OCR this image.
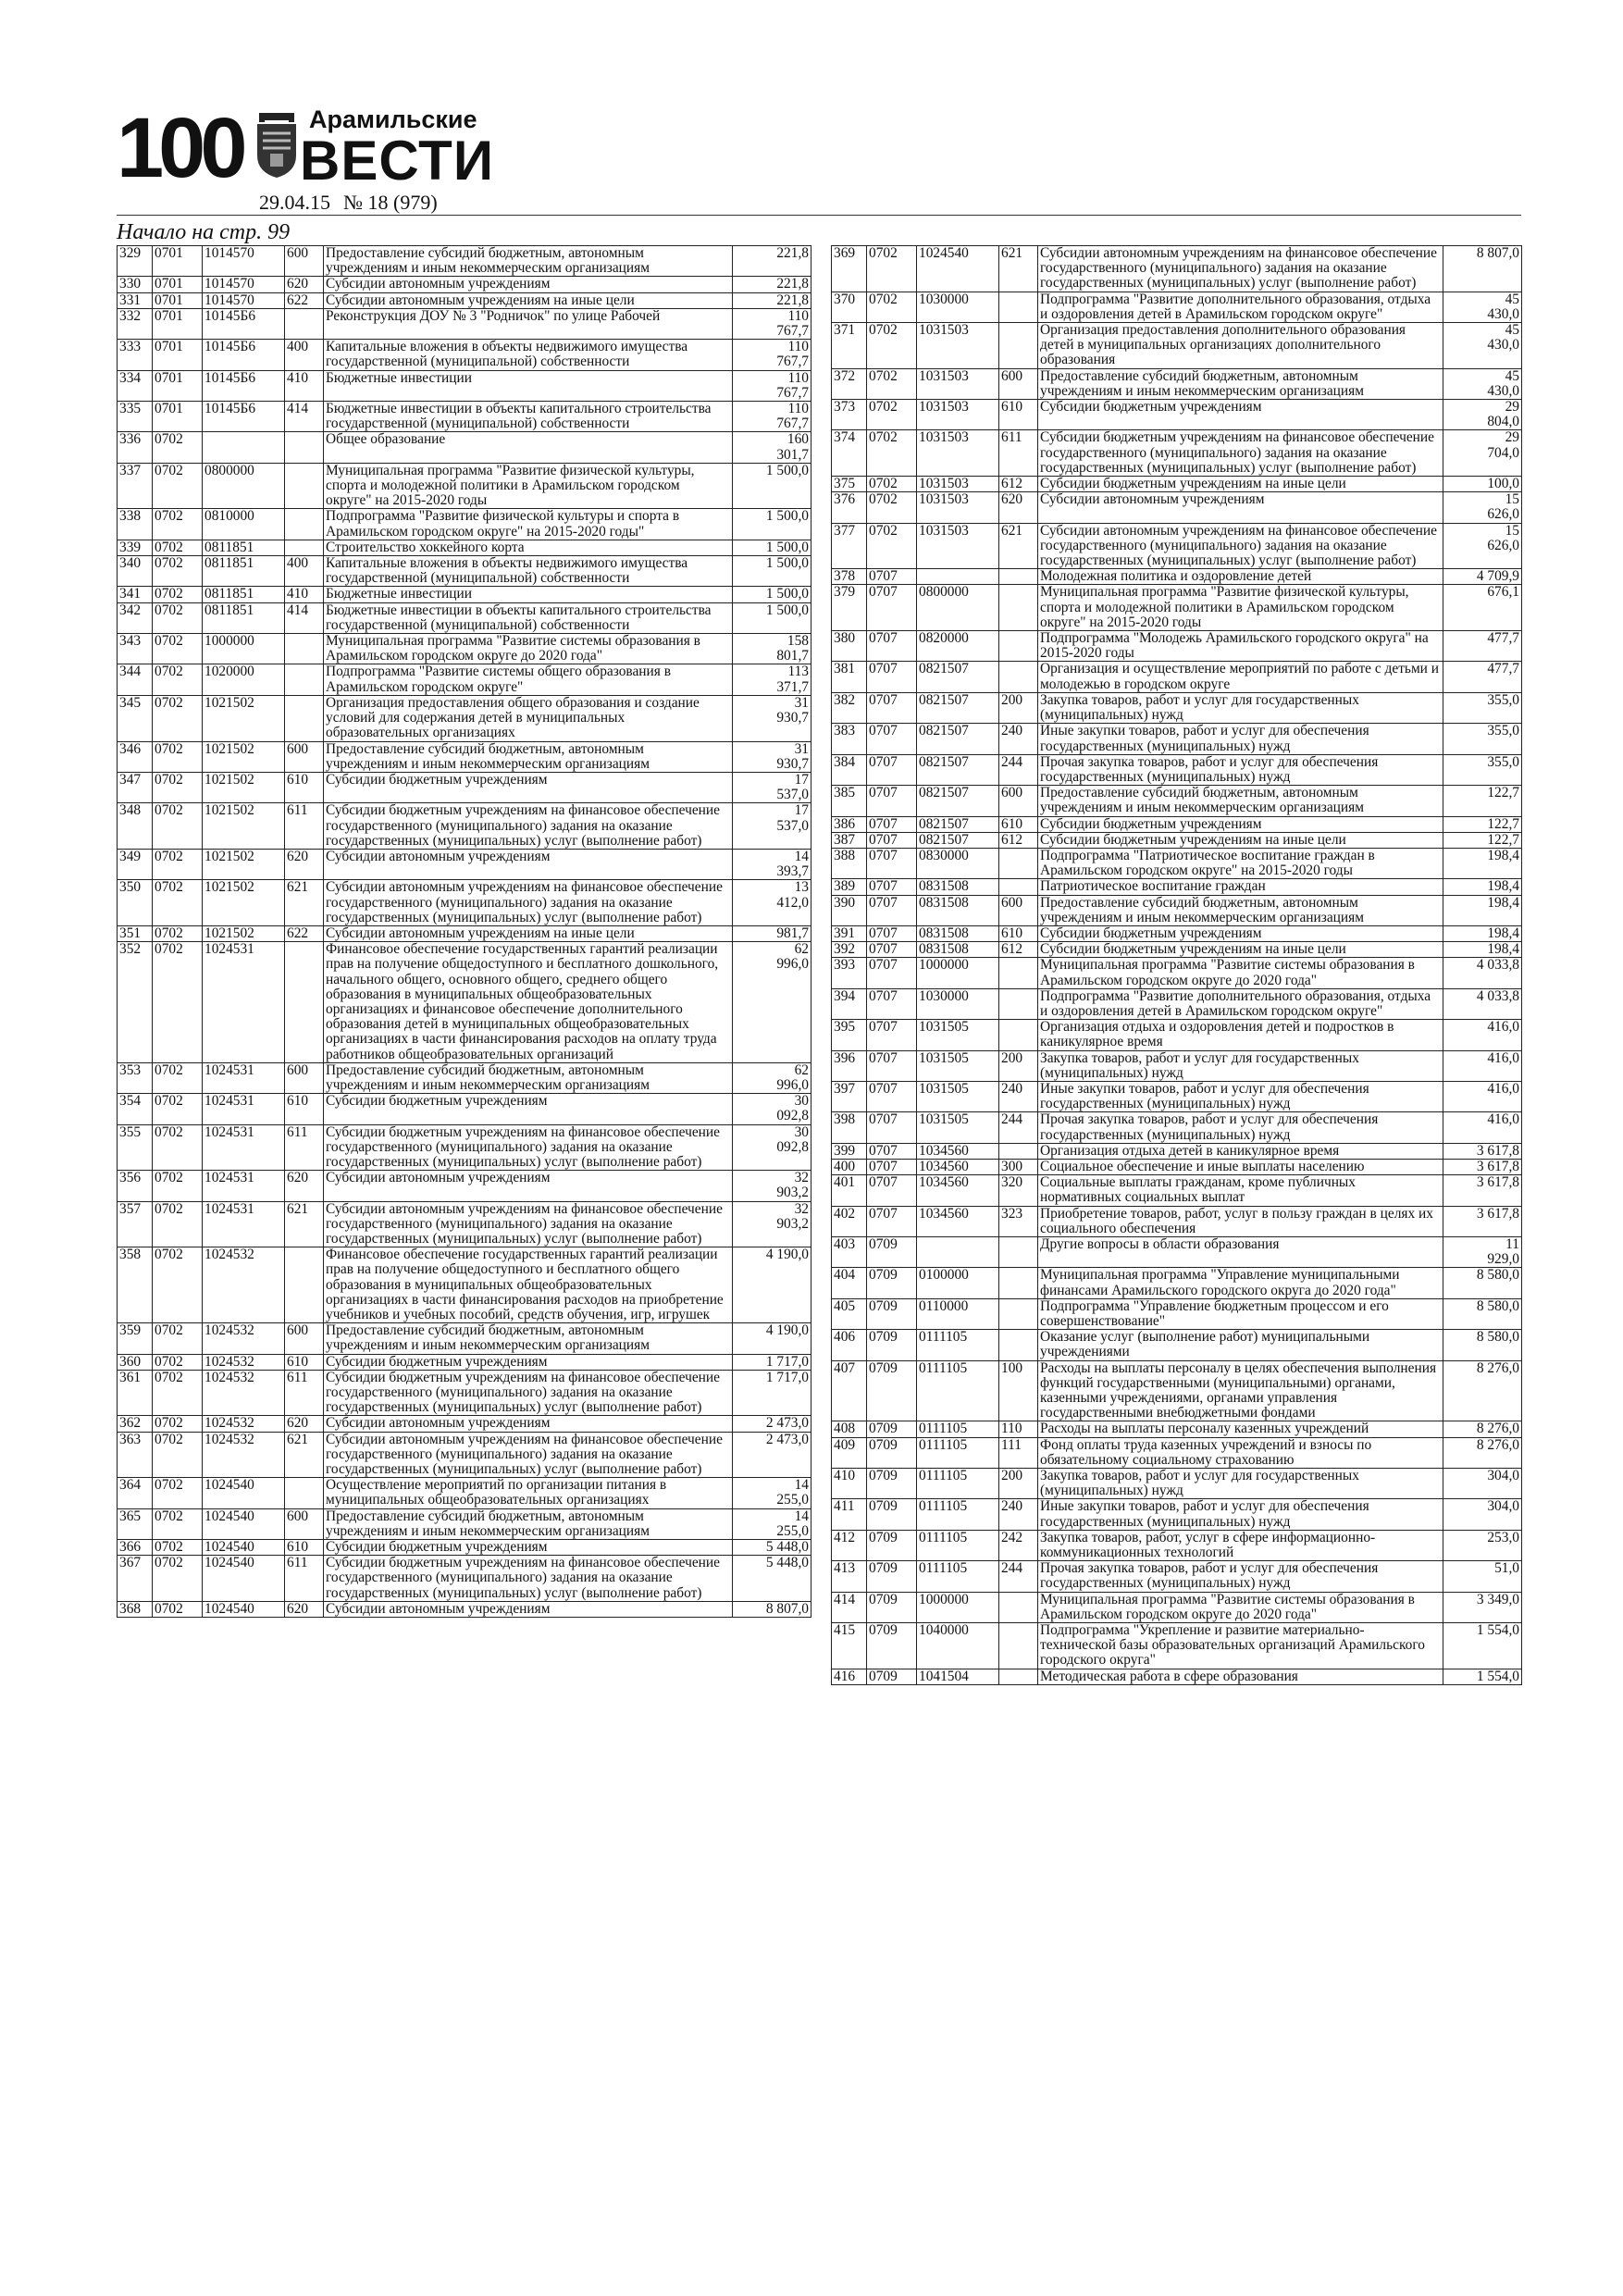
100	Арамильские
ВЕСТИ
29.04.15 № 18 (979)
Начало на стр. 99
329	0701	1014570	600	Предоставление субсидий бюджетным, автономным учреждениям и иным некоммерческим организациям	221,8
330	0701	1014570	620	Субсидии автономным учреждениям	221,8
331	0701	1014570	622	Субсидии автономным учреждениям на иные цели	221,8
332	0701	10145Б6		Реконструкция ДОУ № 3 "Родничок" по улице Рабочей	110
767,7
333	0701	10145Б6	400	Капитальные вложения в объекты недвижимого имущества государственной (муниципальной) собственности	110
767,7
334	0701	10145Б6	410	Бюджетные инвестиции	110
767,7
335	0701	10145Б6	414	Бюджетные инвестиции в объекты капитального строительства государственной (муниципальной) собственности	110
767,7
336	0702			Общее образование	160
301,7
337	0702	0800000		Муниципальная программа "Развитие физической культуры, спорта и молодежной политики в Арамильском городском округе" на 2015-2020 годы	1 500,0
338	0702	0810000		Подпрограмма "Развитие физической культуры и спорта в Арамильском городском округе" на 2015-2020 годы"	1 500,0
339	0702	0811851		Строительство хоккейного корта	1 500,0
340	0702	0811851	400	Капитальные вложения в объекты недвижимого имущества государственной (муниципальной) собственности	1 500,0
341	0702	0811851	410	Бюджетные инвестиции	1 500,0
342	0702	0811851	414	Бюджетные инвестиции в объекты капитального строительства государственной (муниципальной) собственности	1 500,0
343	0702	1000000		Муниципальная программа "Развитие системы образования в Арамильском городском округе до 2020 года"	158
801,7
344	0702	1020000		Подпрограмма "Развитие системы общего образования в Арамильском городском округе"	113
371,7
345	0702	1021502		Организация предоставления общего образования и создание условий для содержания детей в муниципальных образовательных организациях	31
930,7
346	0702	1021502	600	Предоставление субсидий бюджетным, автономным учреждениям и иным некоммерческим организациям	31
930,7
347	0702	1021502	610	Субсидии бюджетным учреждениям	17
537,0
348	0702	1021502	611	Субсидии бюджетным учреждениям на финансовое обеспечение государственного (муниципального) задания на оказание государственных (муниципальных) услуг (выполнение работ)	17
537,0
349	0702	1021502	620	Субсидии автономным учреждениям	14
393,7
350	0702	1021502	621	Субсидии автономным учреждениям на финансовое обеспечение государственного (муниципального) задания на оказание государственных (муниципальных) услуг (выполнение работ)	13
412,0
351	0702	1021502	622	Субсидии автономным учреждениям на иные цели	981,7
352	0702	1024531		Финансовое обеспечение государственных гарантий реализации прав на получение общедоступного и бесплатного дошкольного, начального общего, основного общего, среднего общего образования в муниципальных общеобразовательных организациях и финансовое обеспечение дополнительного образования детей в муниципальных общеобразовательных организациях в части финансирования расходов на оплату труда работников общеобразовательных организаций	62
996,0
353	0702	1024531	600	Предоставление субсидий бюджетным, автономным учреждениям и иным некоммерческим организациям	62
996,0
354	0702	1024531	610	Субсидии бюджетным учреждениям	30
092,8
355	0702	1024531	611	Субсидии бюджетным учреждениям на финансовое обеспечение государственного (муниципального) задания на оказание государственных (муниципальных) услуг (выполнение работ)	30
092,8
356	0702	1024531	620	Субсидии автономным учреждениям	32
903,2
357	0702	1024531	621	Субсидии автономным учреждениям на финансовое обеспечение государственного (муниципального) задания на оказание государственных (муниципальных) услуг (выполнение работ)	32
903,2
358	0702	1024532		Финансовое обеспечение государственных гарантий реализации прав на получение общедоступного и бесплатного общего образования в муниципальных общеобразовательных организациях в части финансирования расходов на приобретение учебников и учебных пособий, средств обучения, игр, игрушек	4 190,0
359	0702	1024532	600	Предоставление субсидий бюджетным, автономным учреждениям и иным некоммерческим организациям	4 190,0
360	0702	1024532	610	Субсидии бюджетным учреждениям	1 717,0
361	0702	1024532	611	Субсидии бюджетным учреждениям на финансовое обеспечение государственного (муниципального) задания на оказание государственных (муниципальных) услуг (выполнение работ)	1 717,0
362	0702	1024532	620	Субсидии автономным учреждениям	2 473,0
363	0702	1024532	621	Субсидии автономным учреждениям на финансовое обеспечение государственного (муниципального) задания на оказание государственных (муниципальных) услуг (выполнение работ)	2 473,0
364	0702	1024540		Осуществление мероприятий по организации питания в муниципальных общеобразовательных организациях	14
255,0
365	0702	1024540	600	Предоставление субсидий бюджетным, автономным учреждениям и иным некоммерческим организациям	14
255,0
366	0702	1024540	610	Субсидии бюджетным учреждениям	5 448,0
367	0702	1024540	611	Субсидии бюджетным учреждениям на финансовое обеспечение государственного (муниципального) задания на оказание государственных (муниципальных) услуг (выполнение работ)	5 448,0
368	0702	1024540	620	Субсидии автономным учреждениям	8 807,0
369	0702	1024540	621	Субсидии автономным учреждениям на финансовое обеспечение государственного (муниципального) задания на оказание государственных (муниципальных) услуг (выполнение работ)	8 807,0
370	0702	1030000		Подпрограмма "Развитие дополнительного образования, отдыха и оздоровления детей в Арамильском городском округе"	45
430,0
371	0702	1031503		Организация предоставления дополнительного образования детей в муниципальных организациях дополнительного образования	45
430,0
372	0702	1031503	600	Предоставление субсидий бюджетным, автономным учреждениям и иным некоммерческим организациям	45
430,0
373	0702	1031503	610	Субсидии бюджетным учреждениям	29
804,0
374	0702	1031503	611	Субсидии бюджетным учреждениям на финансовое обеспечение государственного (муниципального) задания на оказание государственных (муниципальных) услуг (выполнение работ)	29
704,0
375	0702	1031503	612	Субсидии бюджетным учреждениям на иные цели	100,0
376	0702	1031503	620	Субсидии автономным учреждениям	15
626,0
377	0702	1031503	621	Субсидии автономным учреждениям на финансовое обеспечение государственного (муниципального) задания на оказание государственных (муниципальных) услуг (выполнение работ)	15
626,0
378	0707			Молодежная политика и оздоровление детей	4 709,9
379	0707	0800000		Муниципальная программа "Развитие физической культуры, спорта и молодежной политики в Арамильском городском округе" на 2015-2020 годы	676,1
380	0707	0820000		Подпрограмма "Молодежь Арамильского городского округа" на 2015-2020 годы	477,7
381	0707	0821507		Организация и осуществление мероприятий по работе с детьми и молодежью в городском округе	477,7
382	0707	0821507	200	Закупка товаров, работ и услуг для государственных (муниципальных) нужд	355,0
383	0707	0821507	240	Иные закупки товаров, работ и услуг для обеспечения государственных (муниципальных) нужд	355,0
384	0707	0821507	244	Прочая закупка товаров, работ и услуг для обеспечения государственных (муниципальных) нужд	355,0
385	0707	0821507	600	Предоставление субсидий бюджетным, автономным учреждениям и иным некоммерческим организациям	122,7
386	0707	0821507	610	Субсидии бюджетным учреждениям	122,7
387	0707	0821507	612	Субсидии бюджетным учреждениям на иные цели	122,7
388	0707	0830000		Подпрограмма "Патриотическое воспитание граждан в Арамильском городском округе" на 2015-2020 годы	198,4
389	0707	0831508		Патриотическое воспитание граждан	198,4
390	0707	0831508	600	Предоставление субсидий бюджетным, автономным учреждениям и иным некоммерческим организациям	198,4
391	0707	0831508	610	Субсидии бюджетным учреждениям	198,4
392	0707	0831508	612	Субсидии бюджетным учреждениям на иные цели	198,4
393	0707	1000000		Муниципальная программа "Развитие системы образования в Арамильском городском округе до 2020 года"	4 033,8
394	0707	1030000		Подпрограмма "Развитие дополнительного образования, отдыха и оздоровления детей в Арамильском городском округе"	4 033,8
395	0707	1031505		Организация отдыха и оздоровления детей и подростков в каникулярное время	416,0
396	0707	1031505	200	Закупка товаров, работ и услуг для государственных (муниципальных) нужд	416,0
397	0707	1031505	240	Иные закупки товаров, работ и услуг для обеспечения государственных (муниципальных) нужд	416,0
398	0707	1031505	244	Прочая закупка товаров, работ и услуг для обеспечения государственных (муниципальных) нужд	416,0
399	0707	1034560		Организация отдыха детей в каникулярное время	3 617,8
400	0707	1034560	300	Социальное обеспечение и иные выплаты населению	3 617,8
401	0707	1034560	320	Социальные выплаты гражданам, кроме публичных нормативных социальных выплат	3 617,8
402	0707	1034560	323	Приобретение товаров, работ, услуг в пользу граждан в целях их социального обеспечения	3 617,8
403	0709			Другие вопросы в области образования	11
929,0
404	0709	0100000		Муниципальная программа "Управление муниципальными финансами Арамильского городского округа до 2020 года"	8 580,0
405	0709	0110000		Подпрограмма "Управление бюджетным процессом и его совершенствование"	8 580,0
406	0709	0111105		Оказание услуг (выполнение работ) муниципальными учреждениями	8 580,0
407	0709	0111105	100	Расходы на выплаты персоналу в целях обеспечения выполнения функций государственными (муниципальными) органами, казенными учреждениями, органами управления государственными внебюджетными фондами	8 276,0
408	0709	0111105	110	Расходы на выплаты персоналу казенных учреждений	8 276,0
409	0709	0111105	111	Фонд оплаты труда казенных учреждений и взносы по обязательному социальному страхованию	8 276,0
410	0709	0111105	200	Закупка товаров, работ и услуг для государственных (муниципальных) нужд	304,0
411	0709	0111105	240	Иные закупки товаров, работ и услуг для обеспечения государственных (муниципальных) нужд	304,0
412	0709	0111105	242	Закупка товаров, работ, услуг в сфере информационно-коммуникационных технологий	253,0
413	0709	0111105	244	Прочая закупка товаров, работ и услуг для обеспечения государственных (муниципальных) нужд	51,0
414	0709	1000000		Муниципальная программа "Развитие системы образования в Арамильском городском округе до 2020 года"	3 349,0
415	0709	1040000		Подпрограмма "Укрепление и развитие материально-технической базы образовательных организаций Арамильского городского округа"	1 554,0
416	0709	1041504		Методическая работа в сфере образования	1 554,0
